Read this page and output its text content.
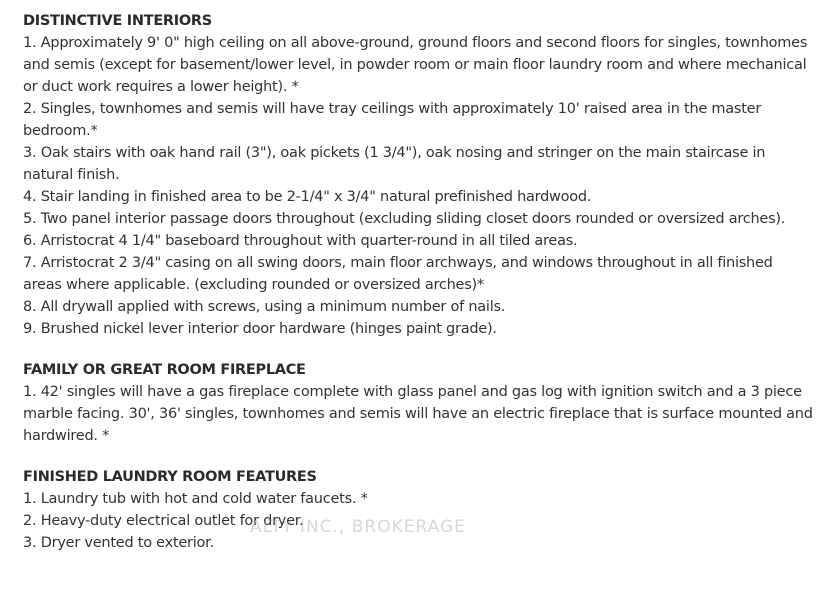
DISTINCTIVE INTERIORS

1. Approximately 9' 0" high ceiling on all above-ground, ground floors and second floors for singles, townhomes and semis (except for basement/lower level, in powder room or main floor laundry room and where mechanical or duct work requires a lower height). *

2. Singles, townhomes and semis will have tray ceilings with approximately 10' raised area in the master bedroom.*

3. Oak stairs with oak hand rail (3"), oak pickets (1 3/4"), oak nosing and stringer on the main staircase in natural finish.

4. Stair landing in finished area to be 2-1/4" x 3/4" natural prefinished hardwood.

5. Two panel interior passage doors throughout (excluding sliding closet doors rounded or oversized arches).

6. Arristocrat 4 1/4" baseboard throughout with quarter-round in all tiled areas.

7. Arristocrat 2 3/4" casing on all swing doors, main floor archways, and windows throughout in all finished areas where applicable. (excluding rounded or oversized arches)*

8. All drywall applied with screws, using a minimum number of nails.

9. Brushed nickel lever interior door hardware (hinges paint grade).

FAMILY OR GREAT ROOM FIREPLACE

1. 42' singles will have a gas fireplace complete with glass panel and gas log with ignition switch and a 3 piece marble facing. 30', 36' singles, townhomes and semis will have an electric fireplace that is surface mounted and hardwired. *

FINISHED LAUNDRY ROOM FEATURES

1. Laundry tub with hot and cold water faucets. *

2. Heavy-duty electrical outlet for dryer.

3. Dryer vented to exterior.

ALTY INC., BROKERAGE
